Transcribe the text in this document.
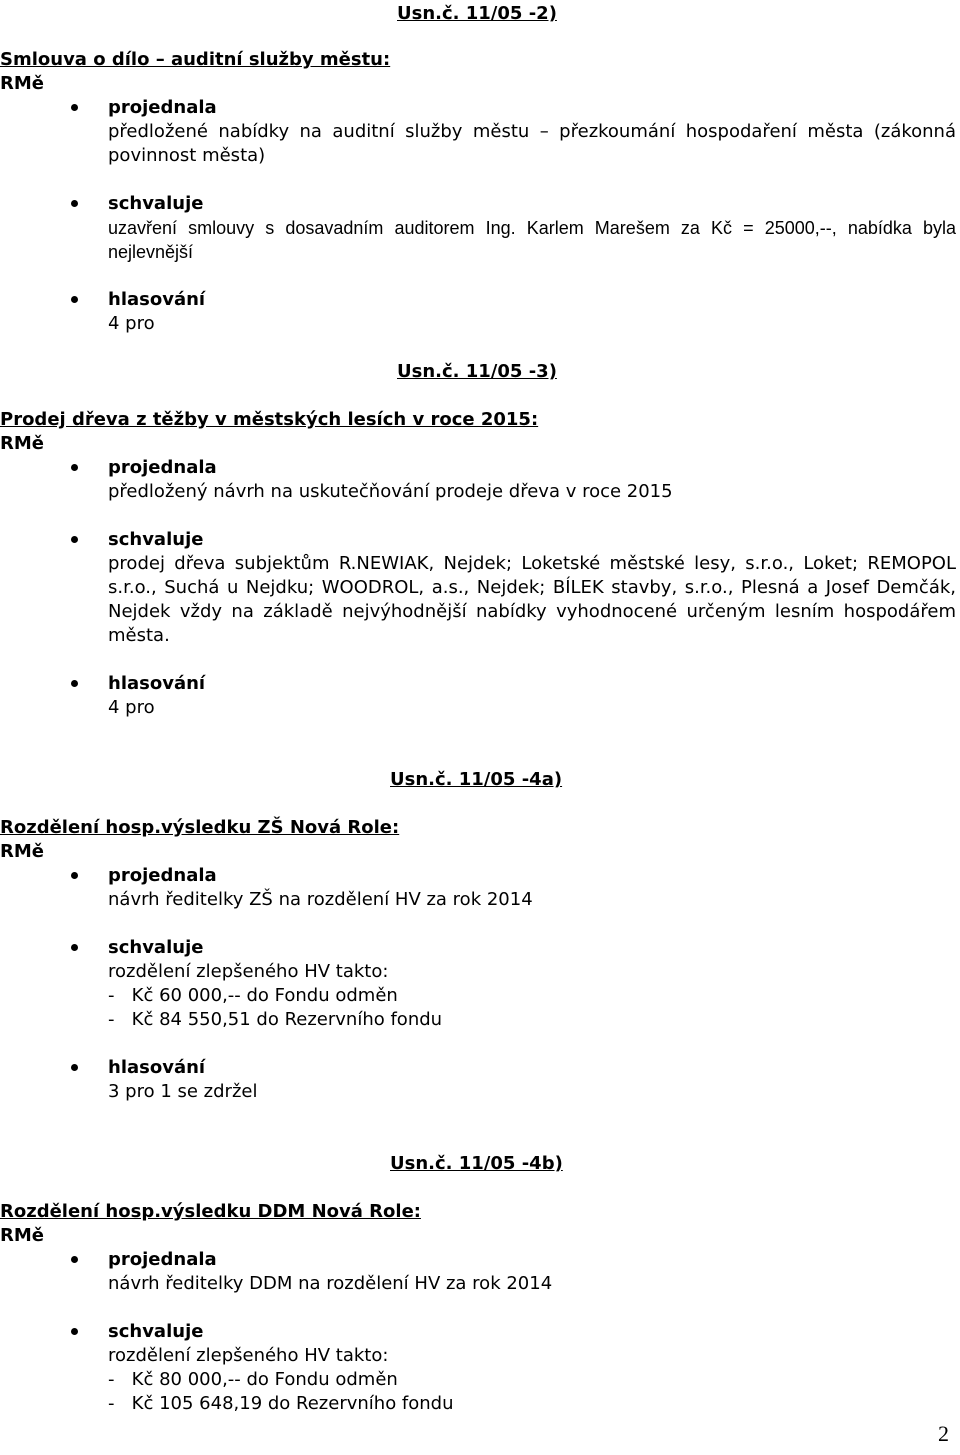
Usn.č. 11/05 -2)
Smlouva o dílo – auditní služby městu:
RMě
projednala
předložené nabídky na auditní služby městu – přezkoumání hospodaření města (zákonná povinnost města)
schvaluje
uzavření smlouvy s dosavadním auditorem Ing. Karlem Marešem za Kč = 25000,--, nabídka byla nejlevnější
hlasování
4 pro
Usn.č. 11/05 -3)
Prodej dřeva z těžby v městských lesích v roce 2015:
RMě
projednala
předložený návrh na uskutečňování prodeje dřeva v roce 2015
schvaluje
prodej dřeva subjektům R.NEWIAK, Nejdek; Loketské městské lesy, s.r.o., Loket; REMOPOL s.r.o., Suchá u Nejdku; WOODROL, a.s., Nejdek; BÍLEK stavby, s.r.o., Plesná a Josef Demčák, Nejdek vždy na základě nejvýhodnější nabídky vyhodnocené určeným lesním hospodářem města.
hlasování
4 pro
Usn.č. 11/05 -4a)
Rozdělení hosp.výsledku ZŠ Nová Role:
RMě
projednala
návrh ředitelky ZŠ na rozdělení HV za rok 2014
schvaluje
rozdělení zlepšeného HV takto:
-   Kč 60 000,-- do Fondu odměn
-   Kč 84 550,51 do Rezervního fondu
hlasování
3 pro 1 se zdržel
Usn.č. 11/05 -4b)
Rozdělení hosp.výsledku DDM Nová Role:
RMě
projednala
návrh ředitelky DDM na rozdělení HV za rok 2014
schvaluje
rozdělení zlepšeného HV takto:
-   Kč 80 000,-- do Fondu odměn
-   Kč 105 648,19 do Rezervního fondu
2
